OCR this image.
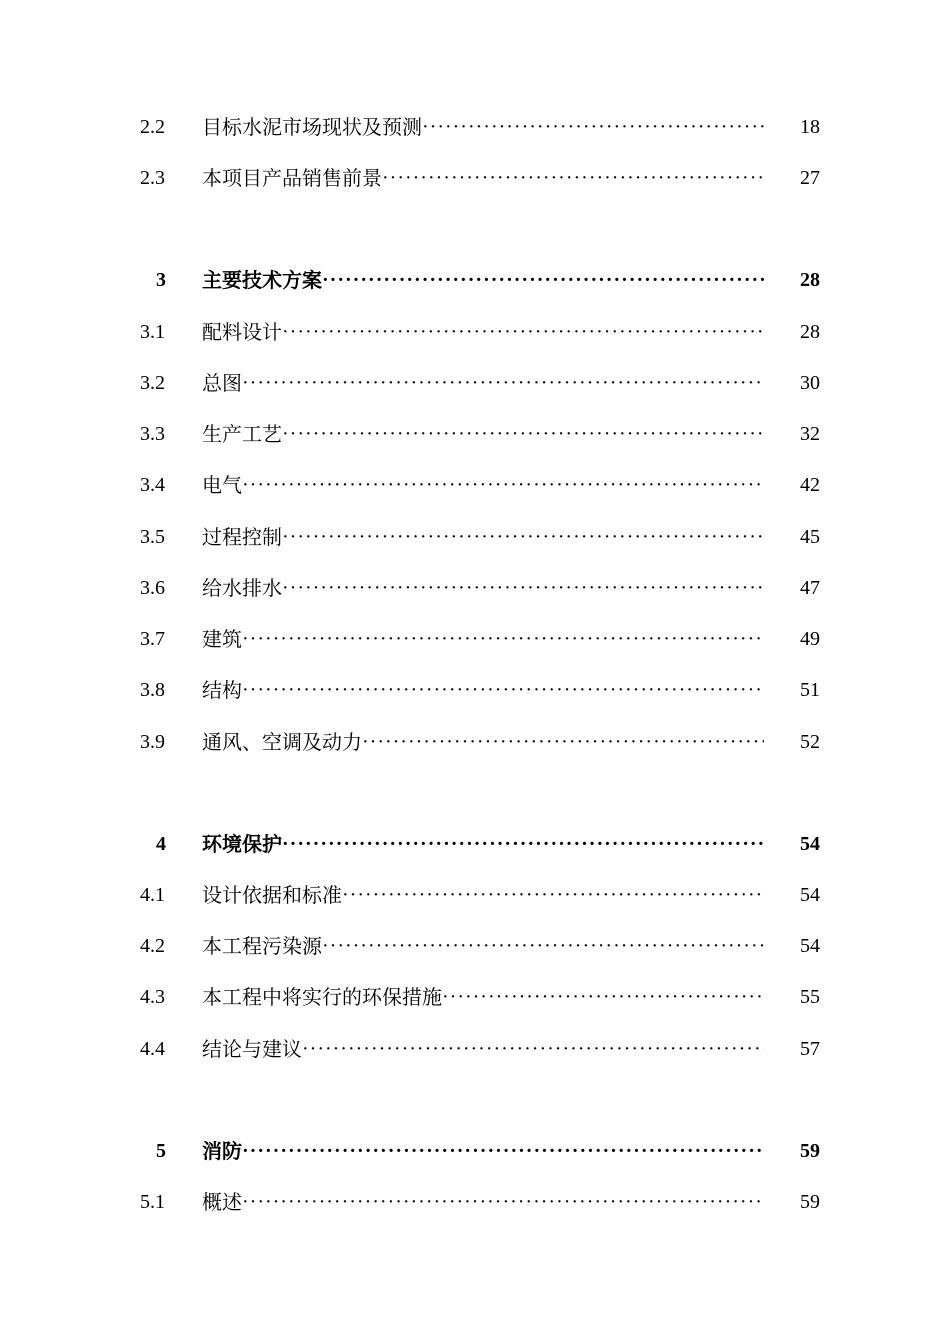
2.2	目标水泥市场现状及预测 ·····	18
2.3	本项目产品销售前景 ·····	27
3	主要技术方案 ·····	28
3.1	配料设计 ·····	28
3.2	总图 ·····	30
3.3	生产工艺 ·····	32
3.4	电气 ·····	42
3.5	过程控制 ·····	45
3.6	给水排水 ·····	47
3.7	建筑 ·····	49
3.8	结构 ·····	51
3.9	通风、空调及动力 ·····	52
4	环境保护 ·····	54
4.1	设计依据和标准 ·····	54
4.2	本工程污染源 ·····	54
4.3	本工程中将实行的环保措施 ·····	55
4.4	结论与建议 ·····	57
5	消防 ·····	59
5.1	概述 ·····	59
